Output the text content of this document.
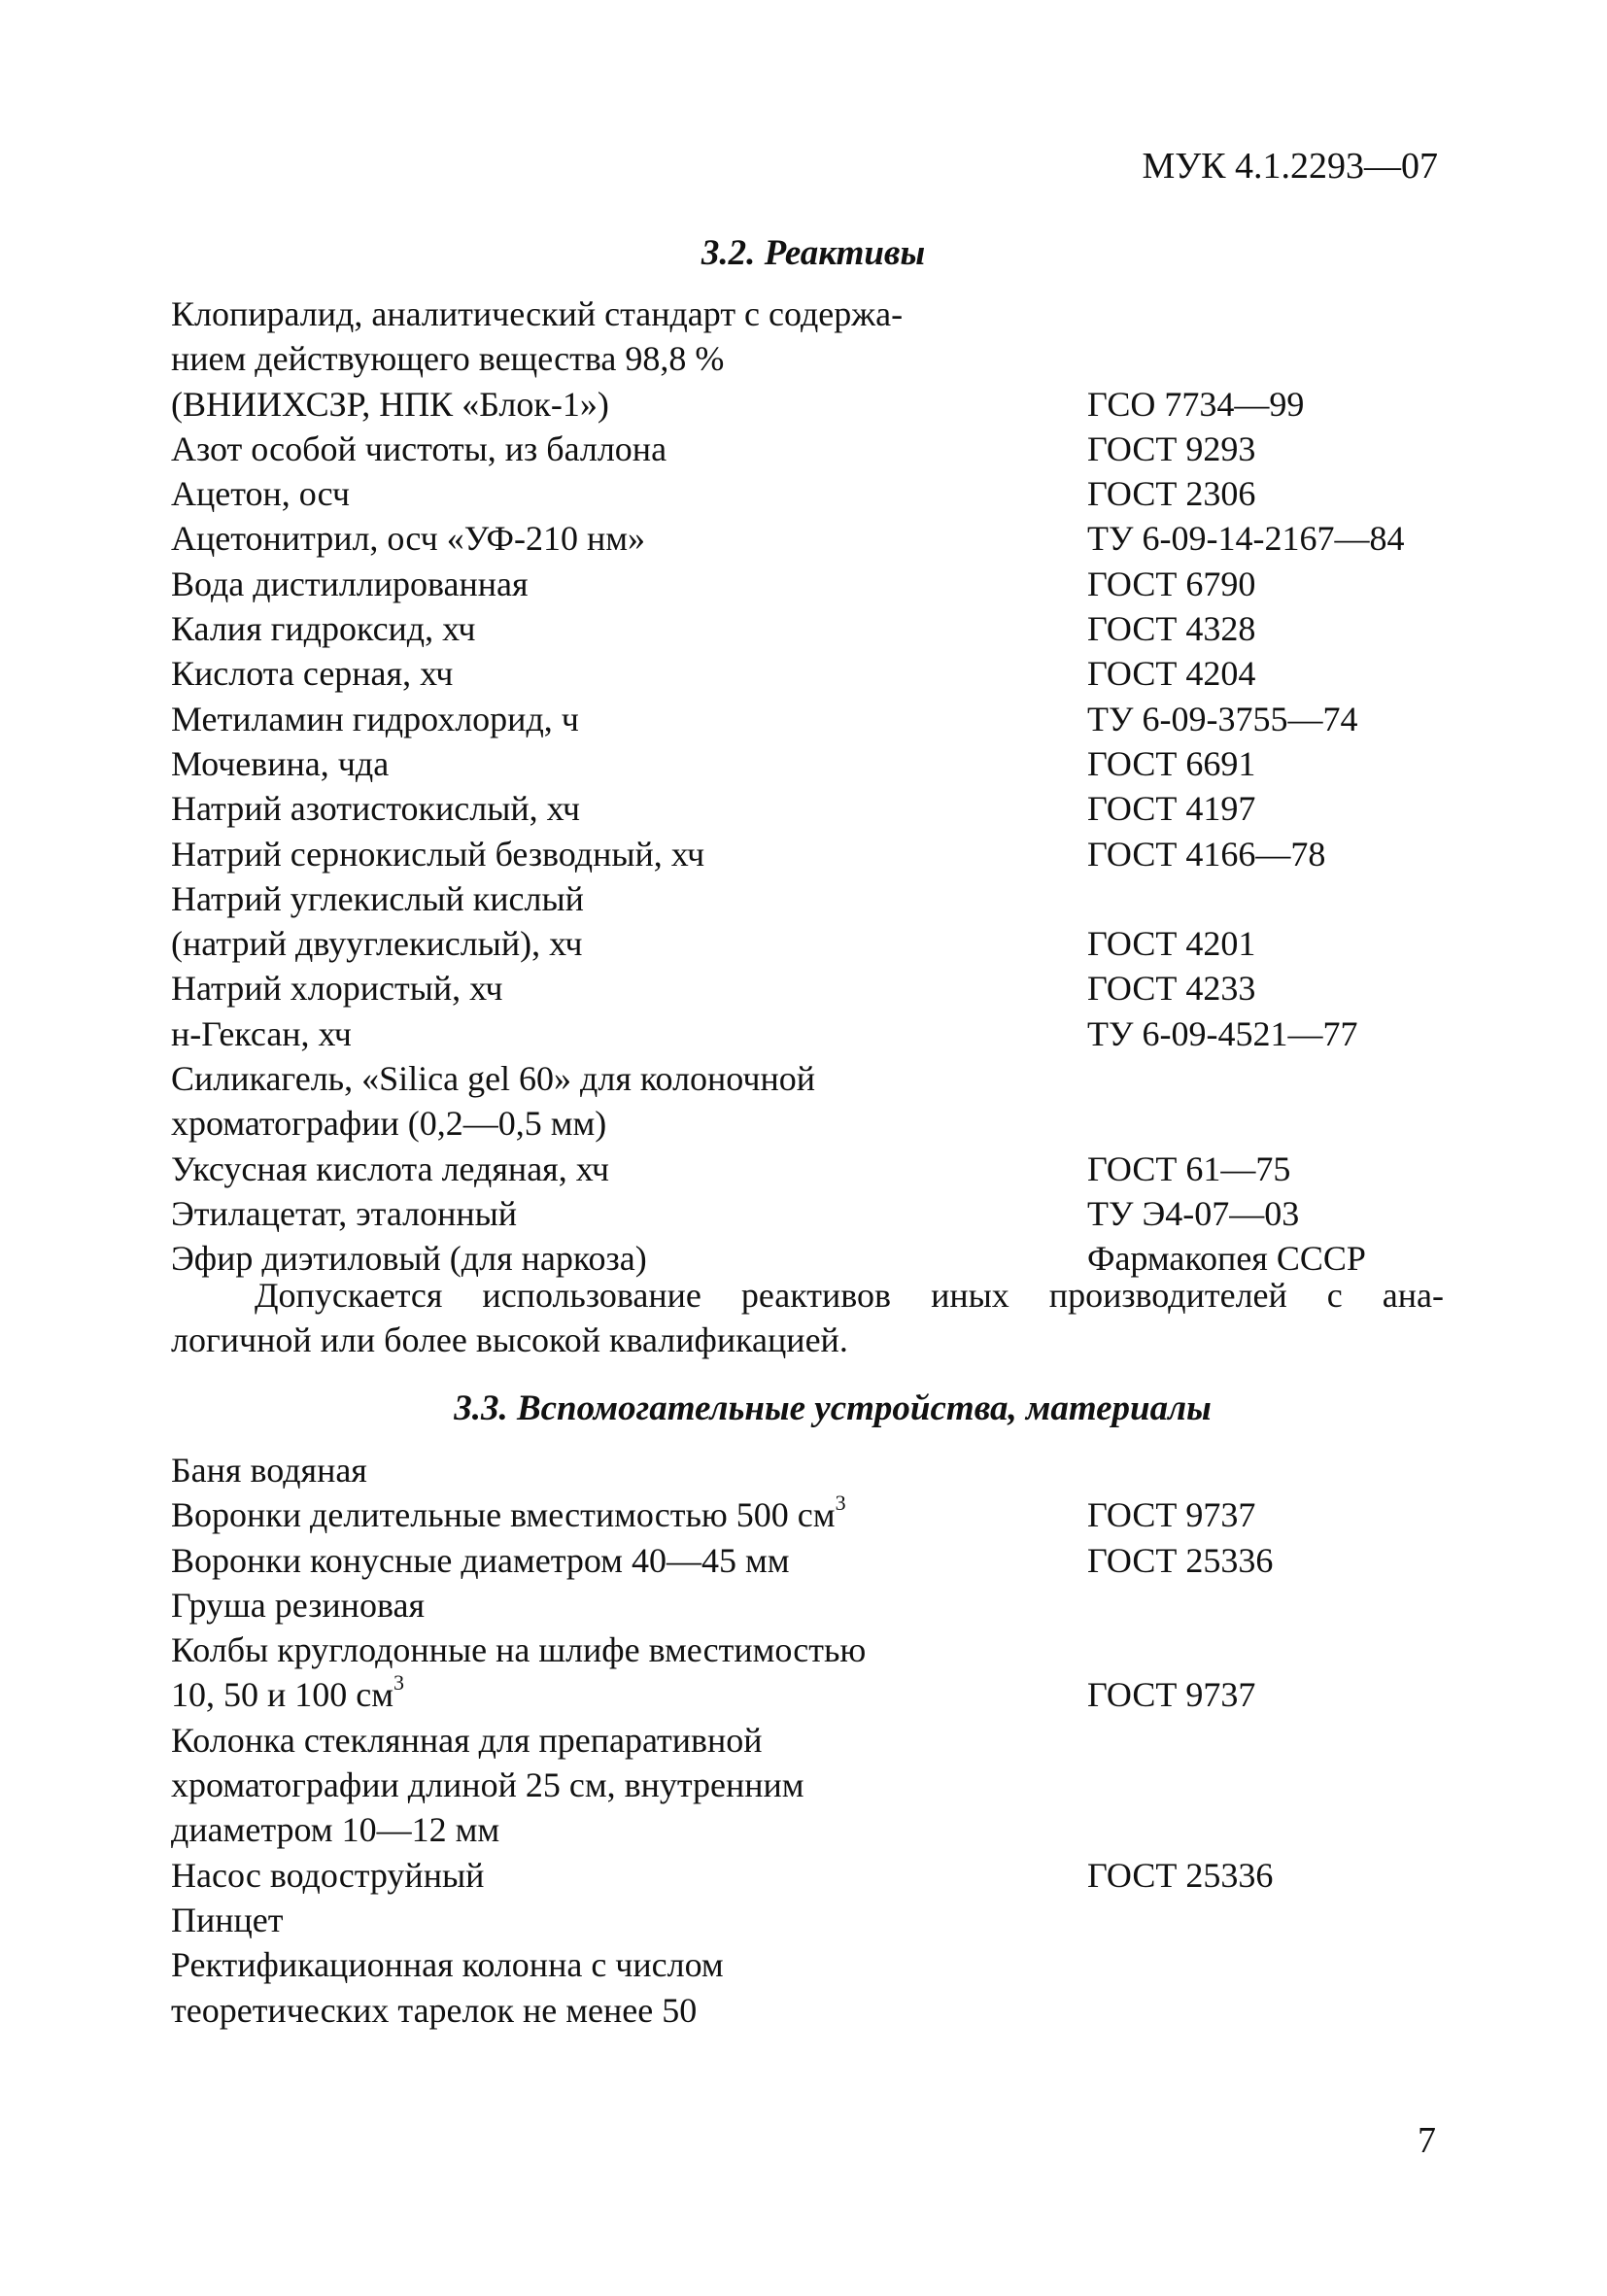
МУК 4.1.2293—07
3.2. Реактивы
Клопиралид, аналитический стандарт с содержа-
нием действующего вещества 98,8 %
(ВНИИХСЗР, НПК «Блок-1»)	ГСО 7734—99
Азот особой чистоты, из баллона	ГОСТ 9293
Ацетон, осч	ГОСТ 2306
Ацетонитрил, осч «УФ-210 нм»	ТУ 6-09-14-2167—84
Вода дистиллированная	ГОСТ 6790
Калия гидроксид, хч	ГОСТ 4328
Кислота серная, хч	ГОСТ 4204
Метиламин гидрохлорид, ч	ТУ 6-09-3755—74
Мочевина, чда	ГОСТ 6691
Натрий азотистокислый, хч	ГОСТ 4197
Натрий сернокислый безводный, хч	ГОСТ 4166—78
Натрий углекислый кислый
(натрий двууглекислый), хч	ГОСТ 4201
Натрий хлористый, хч	ГОСТ 4233
н-Гексан, хч	ТУ 6-09-4521—77
Силикагель, «Silica gel 60» для колоночной
хроматографии (0,2—0,5 мм)
Уксусная кислота ледяная, хч	ГОСТ 61—75
Этилацетат, эталонный	ТУ Э4-07—03
Эфир диэтиловый (для наркоза)	Фармакопея СССР
Допускается использование реактивов иных производителей с ана-
логичной или более высокой квалификацией.
3.3. Вспомогательные устройства, материалы
Баня водяная
Воронки делительные вместимостью 500 $см^3$	ГОСТ 9737
Воронки конусные диаметром 40—45 мм	ГОСТ 25336
Груша резиновая
Колбы круглодонные на шлифе вместимостью
10, 50 и 100 $см^3$	ГОСТ 9737
Колонка стеклянная для препаративной
хроматографии длиной 25 см, внутренним
диаметром 10—12 мм
Насос водоструйный	ГОСТ 25336
Пинцет
Ректификационная колонна с числом
теоретических тарелок не менее 50
7
